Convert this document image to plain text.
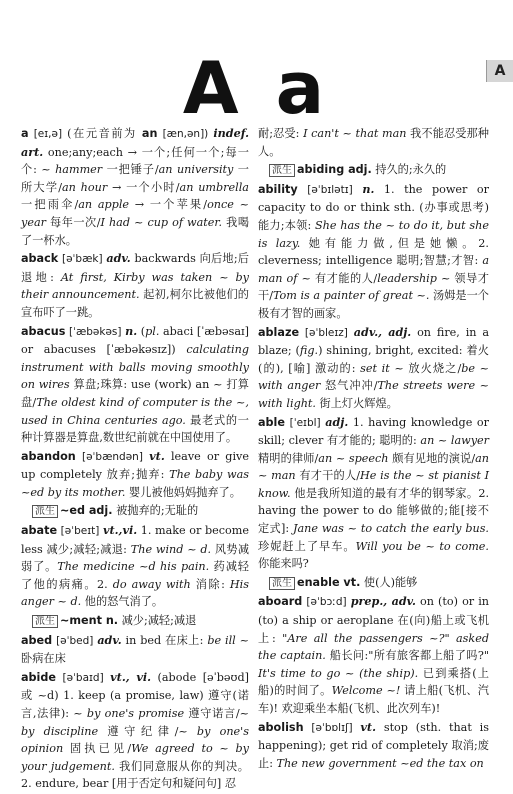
A
A a
a [eɪ,ə] (在元音前为 an [æn,ən]) indef. art. one;any;each → 一个;任何一个;每一个: ~ hammer 一把锤子/an university 一所大学/an hour → 一个小时/an umbrella 一把雨伞/an apple → 一个苹果/once ~ year 每年一次/I had ~ cup of water. 我喝了一杯水。
aback [əˈbæk] adv. backwards 向后地;后退地: At first, Kirby was taken ~ by their announcement. 起初,柯尔比被他们的宣布吓了一跳。
abacus [ˈæbəkəs] n. (pl. abaci [ˈæbəsaɪ] or abacuses [ˈæbəkəsɪz]) calculating instrument with balls moving smoothly on wires 算盘;珠算: use (work) an ~ 打算盘/The oldest kind of computer is the ~, used in China centuries ago. 最老式的一种计算器是算盘,数世纪前就在中国使用了。
abandon [əˈbændən] vt. leave or give up completely 放弃;抛弃: The baby was ~ed by its mother. 婴儿被他妈妈抛弃了。
派生 ~ed adj. 被抛弃的;无耻的
abate [əˈbeɪt] vt.,vi. 1. make or become less 减少;减轻;减退: The wind ~ d. 风势减弱了。The medicine ~d his pain. 药减轻了他的病痛。2. do away with 消除: His anger ~ d. 他的怒气消了。
派生 ~ment n. 减少;减轻;减退
abed [əˈbed] adv. in bed 在床上: be ill ~ 卧病在床
abide [əˈbaɪd] vt., vi. (abode [əˈbəʊd] 或 ~d) 1. keep (a promise, law) 遵守(诺言,法律): ~ by one's promise 遵守诺言/~ by discipline 遵守纪律/~ by one's opinion 固执已见/We agreed to ~ by your judgement. 我们同意服从你的判决。2. endure, bear [用于否定句和疑问句] 忍
耐;忍受: I can't ~ that man 我不能忍受那种人。
派生 abiding adj. 持久的;永久的
ability [əˈbɪlətɪ] n. 1. the power or capacity to do or think sth. (办事或思考)能力;本领: She has the ~ to do it, but she is lazy. 她有能力做,但是她懒。2. cleverness; intelligence 聪明;智慧;才智: a man of ~ 有才能的人/leadership ~ 领导才干/Tom is a painter of great ~. 汤姆是一个极有才智的画家。
ablaze [əˈbleɪz] adv., adj. on fire, in a blaze; (fig.) shining, bright, excited: 着火(的), [喻] 激动的: set it ~ 放火烧之/be ~ with anger 怒气冲冲/The streets were ~ with light. 街上灯火辉煌。
able [ˈeɪbl] adj. 1. having knowledge or skill; clever 有才能的; 聪明的: an ~ lawyer 精明的律师/an ~ speech 颇有见地的演说/an ~ man 有才干的人/He is the ~ st pianist I know. 他是我所知道的最有才华的钢琴家。2. having the power to do 能够做的;能[接不定式]: Jane was ~ to catch the early bus. 珍妮赶上了早车。Will you be ~ to come. 你能来吗?
派生 enable vt. 使(人)能够
aboard [əˈbɔːd] prep., adv. on (to) or in (to) a ship or aeroplane 在(向)船上或飞机上: "Are all the passengers ~?" asked the captain. 船长问:"所有旅客都上船了吗?" It's time to go ~ (the ship). 已到乘搭(上船)的时间了。Welcome ~! 请上船(飞机、汽车)! 欢迎乘坐本船(飞机、此次列车)!
abolish [əˈbɒlɪʃ] vt. stop (sth. that is happening); get rid of completely 取消;废止: The new government ~ed the tax on
